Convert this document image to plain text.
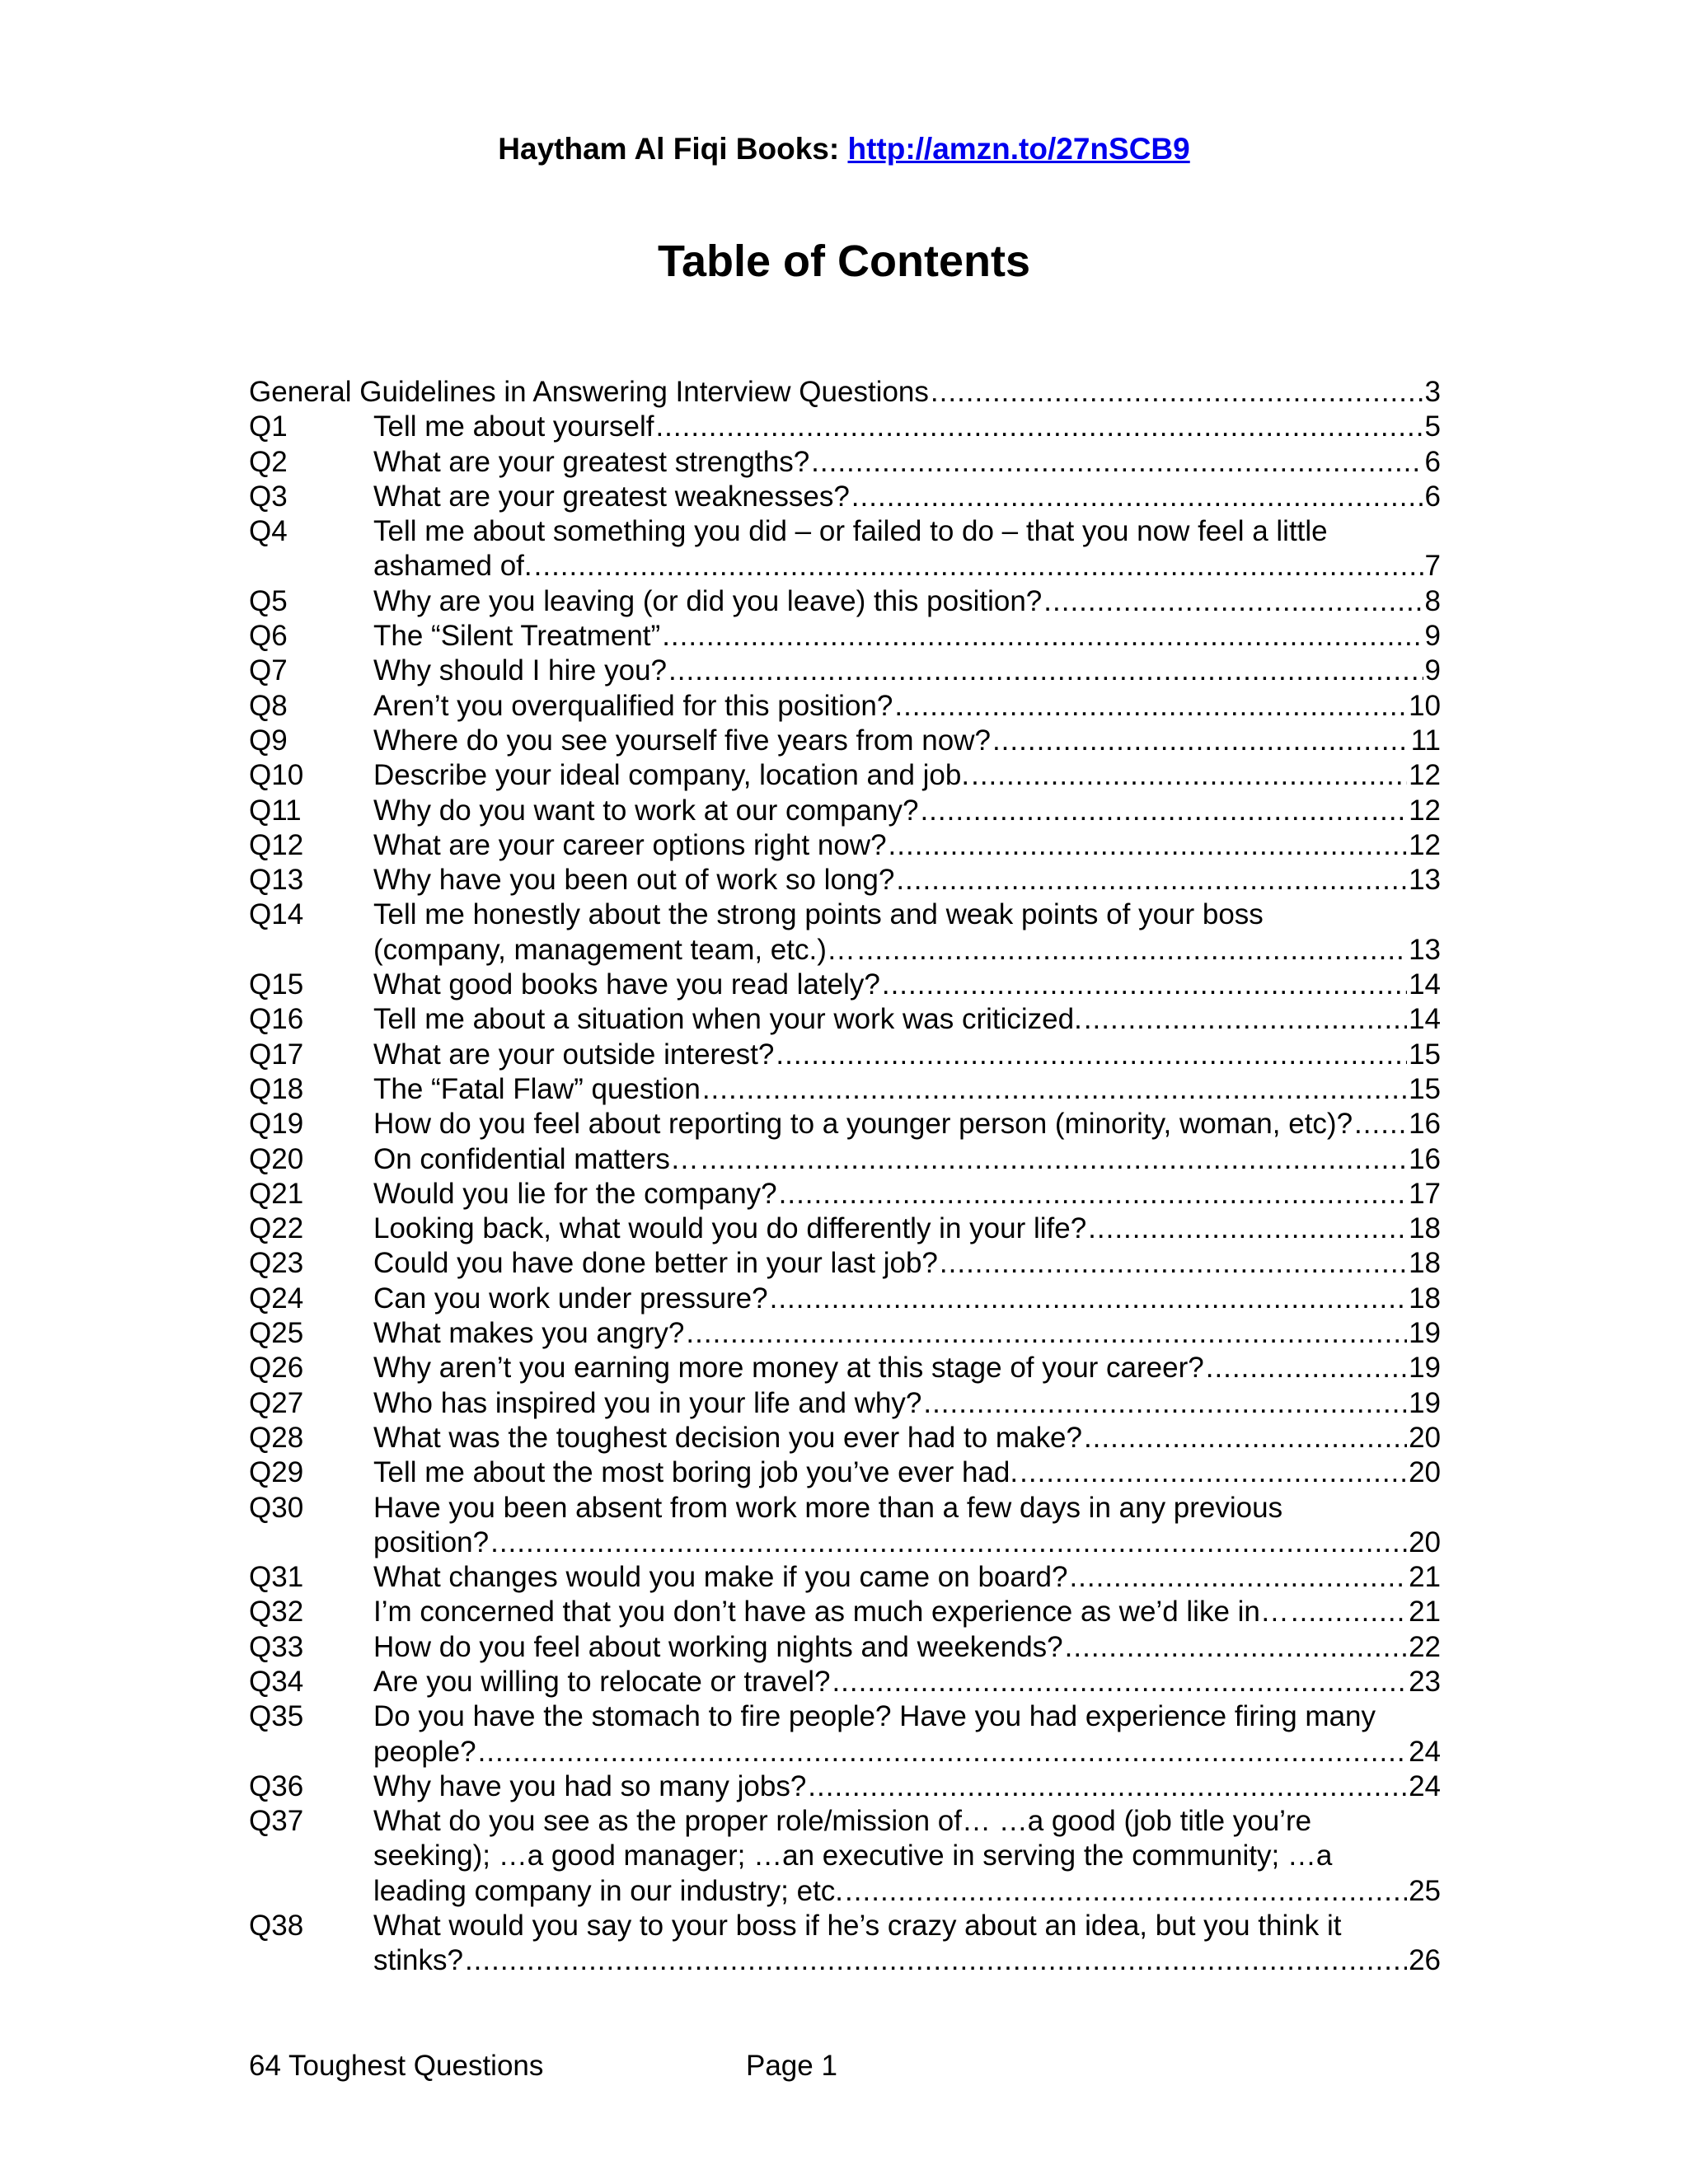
Haytham Al Fiqi Books: http://amzn.to/27nSCB9
Table of Contents
General Guidelines in Answering Interview Questions .....	3
Q1	Tell me about yourself .....	5
Q2	What are your greatest strengths? .....	6
Q3	What are your greatest weaknesses? .....	6
Q4	Tell me about something you did – or failed to do – that you now feel a little
ashamed of. .....	7
Q5	Why are you leaving (or did you leave) this position? .....	8
Q6	The “Silent Treatment” .....	9
Q7	Why should I hire you? .....	9
Q8	Aren’t you overqualified for this position? .....	10
Q9	Where do you see yourself five years from now? .....	11
Q10 Describe your ideal company, location and job. .....	12
Q11 Why do you want to work at our company? .....	12
Q12 What are your career options right now? .....	12
Q13 Why have you been out of work so long? .....	13
Q14 Tell me honestly about the strong points and weak points of your boss
(company, management team, etc.)… .....	13
Q15 What good books have you read lately? .....	14
Q16 Tell me about a situation when your work was criticized. .....	14
Q17 What are your outside interest? .....	15
Q18 The “Fatal Flaw” question .....	15
Q19 How do you feel about reporting to a younger person (minority, woman, etc)? ..... 16
Q20 On confidential matters… .....	16
Q21 Would you lie for the company? .....	17
Q22 Looking back, what would you do differently in your life? .....	18
Q23 Could you have done better in your last job? .....	18
Q24 Can you work under pressure? .....	18
Q25 What makes you angry? .....	19
Q26 Why aren’t you earning more money at this stage of your career? .....	19
Q27 Who has inspired you in your life and why? .....	19
Q28 What was the toughest decision you ever had to make? .....	20
Q29 Tell me about the most boring job you’ve ever had. .....	20
Q30 Have you been absent from work more than a few days in any previous
position? .....	20
Q31 What changes would you make if you came on board? .....	21
Q32 I’m concerned that you don’t have as much experience as we’d like in… .....	21
Q33 How do you feel about working nights and weekends? .....	22
Q34 Are you willing to relocate or travel? .....	23
Q35 Do you have the stomach to fire people? Have you had experience firing many
people? .....	24
Q36 Why have you had so many jobs? .....	24
Q37 What do you see as the proper role/mission of… …a good (job title you’re
seeking); …a good manager; …an executive in serving the community; …a
leading company in our industry; etc. .....	25
Q38 What would you say to your boss if he’s crazy about an idea, but you think it
stinks? .....	26
64 Toughest Questions	Page 1
